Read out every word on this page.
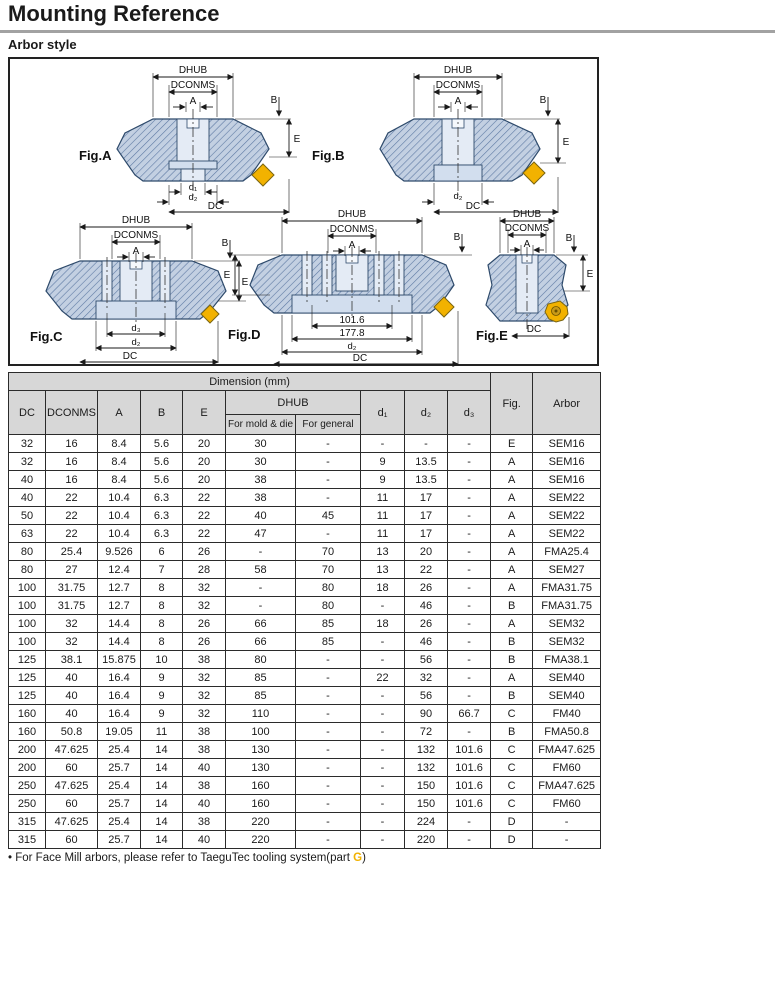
Mounting Reference
Arbor style
DHUB
DCONMS
A	B
E
d₁
d₂
DC
Fig.A
DHUB
DCONMS
A	B
E
d₂
DC
Fig.B
DHUB
DCONMS
A
B
E
d₃
d₂
DC
Fig.C
DHUB
DCONMS
A
B
E
101.6
177.8
d₂
DC
Fig.D
DHUB
DCONMS
A
B
E
DC
Fig.E
Dimension (mm)										Fig.	Arbor
DC	DCONMS	A	B	E	DHUB		d₁	d₂	d₃		
					For mold & die	For general					
32	16	8.4	5.6	20	30	-	-	-	-	E	SEM16
32	16	8.4	5.6	20	30	-	9	13.5	-	A	SEM16
40	16	8.4	5.6	20	38	-	9	13.5	-	A	SEM16
40	22	10.4	6.3	22	38	-	11	17	-	A	SEM22
50	22	10.4	6.3	22	40	45	11	17	-	A	SEM22
63	22	10.4	6.3	22	47	-	11	17	-	A	SEM22
80	25.4	9.526	6	26	-	70	13	20	-	A	FMA25.4
80	27	12.4	7	28	58	70	13	22	-	A	SEM27
100	31.75	12.7	8	32	-	80	18	26	-	A	FMA31.75
100	31.75	12.7	8	32	-	80	-	46	-	B	FMA31.75
100	32	14.4	8	26	66	85	18	26	-	A	SEM32
100	32	14.4	8	26	66	85	-	46	-	B	SEM32
125	38.1	15.875	10	38	80	-	-	56	-	B	FMA38.1
125	40	16.4	9	32	85	-	22	32	-	A	SEM40
125	40	16.4	9	32	85	-	-	56	-	B	SEM40
160	40	16.4	9	32	110	-	-	90	66.7	C	FM40
160	50.8	19.05	11	38	100	-	-	72	-	B	FMA50.8
200	47.625	25.4	14	38	130	-	-	132	101.6	C	FMA47.625
200	60	25.7	14	40	130	-	-	132	101.6	C	FM60
250	47.625	25.4	14	38	160	-	-	150	101.6	C	FMA47.625
250	60	25.7	14	40	160	-	-	150	101.6	C	FM60
315	47.625	25.4	14	38	220	-	-	224	-	D	-
315	60	25.7	14	40	220	-	-	220	-	D	-
• For Face Mill arbors, please refer to TaeguTec tooling system(part G)
